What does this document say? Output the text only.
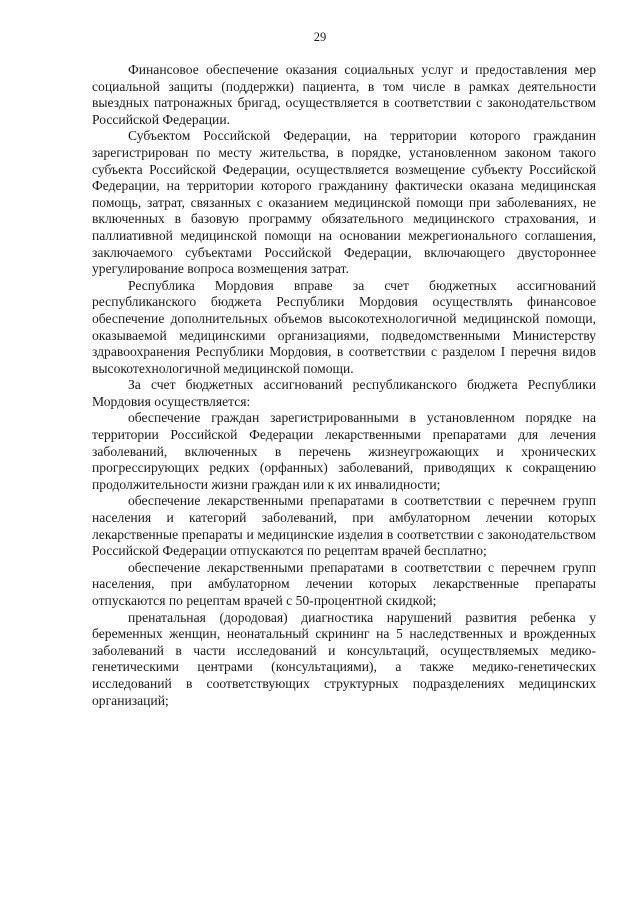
29

Финансовое обеспечение оказания социальных услуг и предоставления мер социальной защиты (поддержки) пациента, в том числе в рамках деятельности выездных патронажных бригад, осуществляется в соответствии с законодательством Российской Федерации.

Субъектом Российской Федерации, на территории которого гражданин зарегистрирован по месту жительства, в порядке, установленном законом такого субъекта Российской Федерации, осуществляется возмещение субъекту Российской Федерации, на территории которого гражданину фактически оказана медицинская помощь, затрат, связанных с оказанием медицинской помощи при заболеваниях, не включенных в базовую программу обязательного медицинского страхования, и паллиативной медицинской помощи на основании межрегионального соглашения, заключаемого субъектами Российской Федерации, включающего двустороннее урегулирование вопроса возмещения затрат.

Республика Мордовия вправе за счет бюджетных ассигнований республиканского бюджета Республики Мордовия осуществлять финансовое обеспечение дополнительных объемов высокотехнологичной медицинской помощи, оказываемой медицинскими организациями, подведомственными Министерству здравоохранения Республики Мордовия, в соответствии с разделом I перечня видов высокотехнологичной медицинской помощи.

За счет бюджетных ассигнований республиканского бюджета Республики Мордовия осуществляется:

обеспечение граждан зарегистрированными в установленном порядке на территории Российской Федерации лекарственными препаратами для лечения заболеваний, включенных в перечень жизнеугрожающих и хронических прогрессирующих редких (орфанных) заболеваний, приводящих к сокращению продолжительности жизни граждан или к их инвалидности;

обеспечение лекарственными препаратами в соответствии с перечнем групп населения и категорий заболеваний, при амбулаторном лечении которых лекарственные препараты и медицинские изделия в соответствии с законодательством Российской Федерации отпускаются по рецептам врачей бесплатно;

обеспечение лекарственными препаратами в соответствии с перечнем групп населения, при амбулаторном лечении которых лекарственные препараты отпускаются по рецептам врачей с 50-процентной скидкой;

пренатальная (дородовая) диагностика нарушений развития ребенка у беременных женщин, неонатальный скрининг на 5 наследственных и врожденных заболеваний в части исследований и консультаций, осуществляемых медико-генетическими центрами (консультациями), а также медико-генетических исследований в соответствующих структурных подразделениях медицинских организаций;
